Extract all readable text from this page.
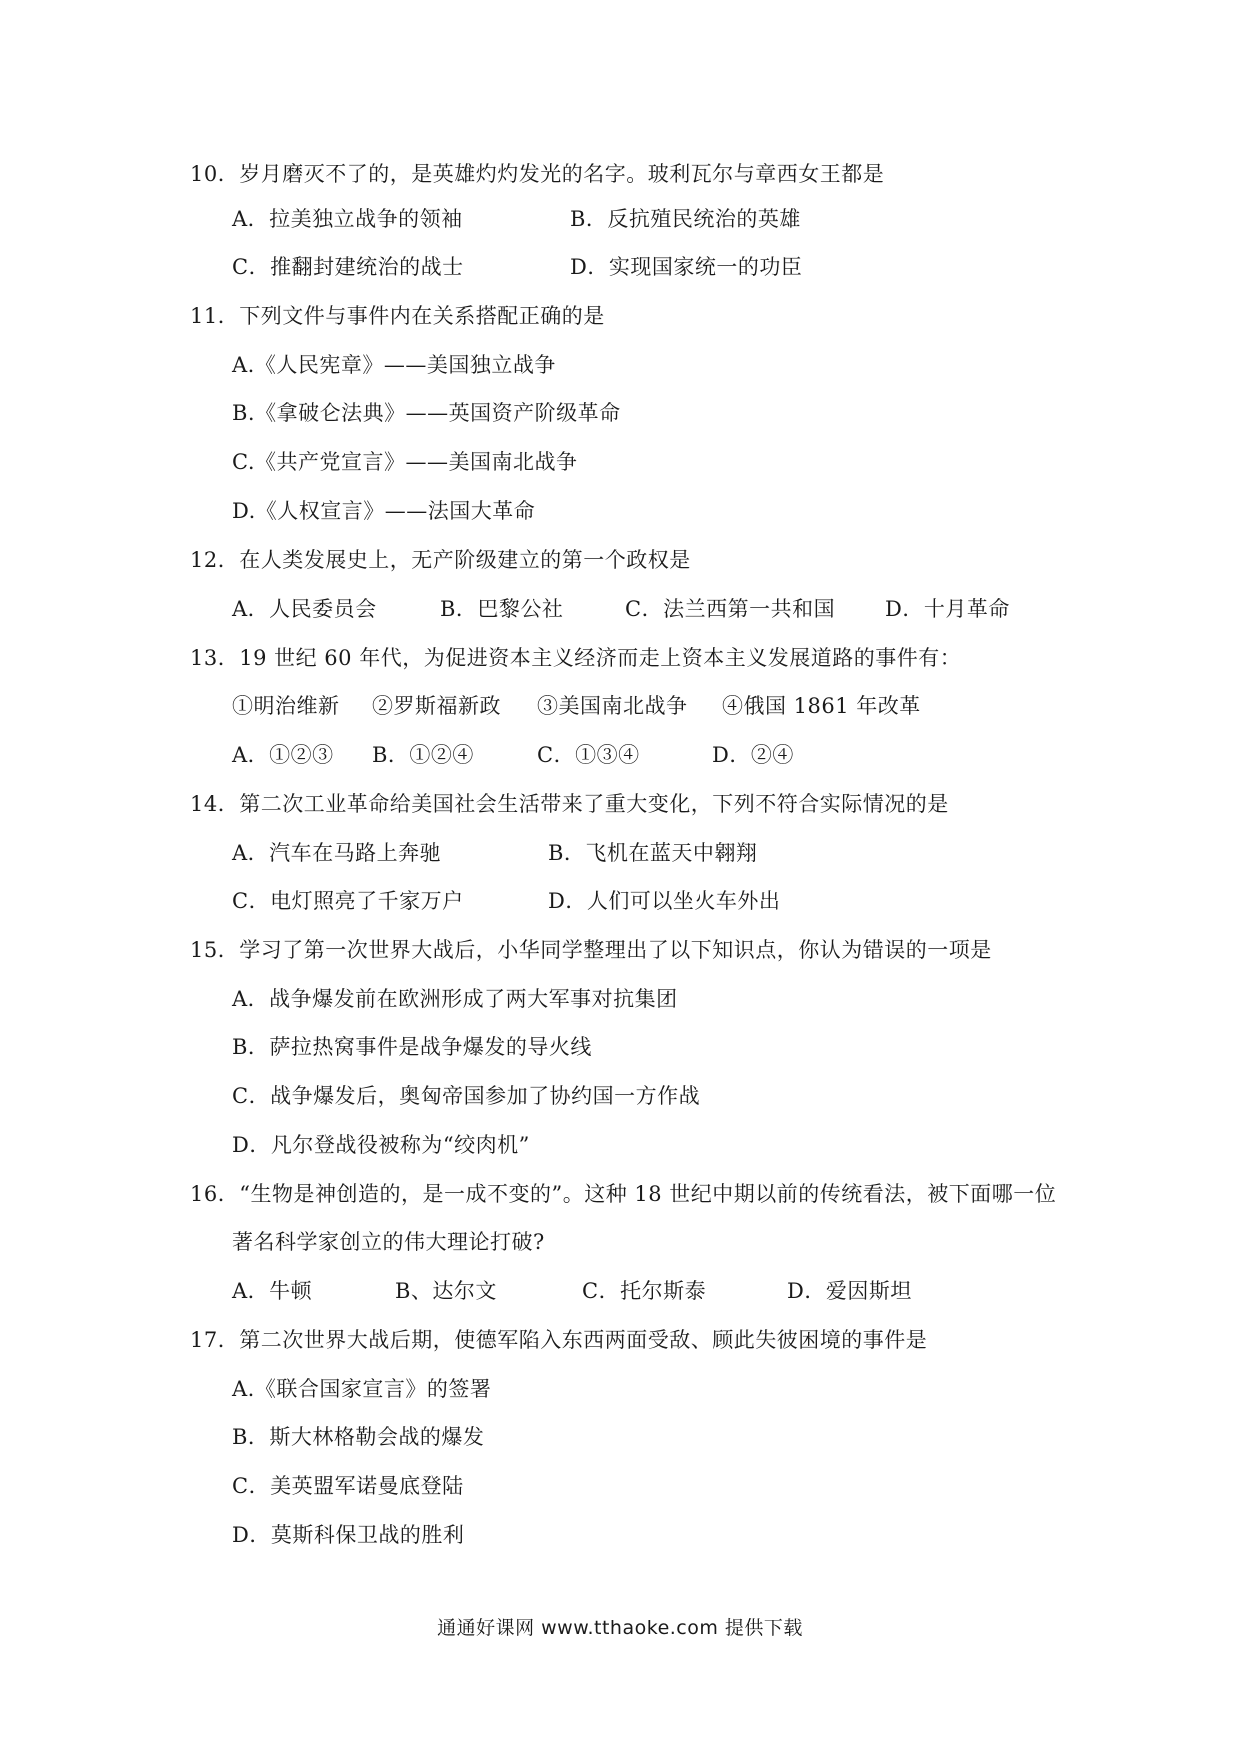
10．岁月磨灭不了的，是英雄灼灼发光的名字。玻利瓦尔与章西女王都是
A．拉美独立战争的领袖	B．反抗殖民统治的英雄
C．推翻封建统治的战士	D．实现国家统一的功臣
11．下列文件与事件内在关系搭配正确的是
A.《人民宪章》——美国独立战争
B.《拿破仑法典》——英国资产阶级革命
C.《共产党宣言》——美国南北战争
D.《人权宣言》——法国大革命
12．在人类发展史上，无产阶级建立的第一个政权是
A．人民委员会	B．巴黎公社	C．法兰西第一共和国 D．十月革命
13．19 世纪 60 年代，为促进资本主义经济而走上资本主义发展道路的事件有：
①明治维新 ②罗斯福新政 ③美国南北战争 ④俄国 1861 年改革
A．①②③ B．①②④	C．①③④	D．②④
14．第二次工业革命给美国社会生活带来了重大变化，下列不符合实际情况的是
A．汽车在马路上奔驰	B．飞机在蓝天中翱翔
C．电灯照亮了千家万户	D．人们可以坐火车外出
15．学习了第一次世界大战后，小华同学整理出了以下知识点，你认为错误的一项是
A．战争爆发前在欧洲形成了两大军事对抗集团
B．萨拉热窝事件是战争爆发的导火线
C．战争爆发后，奥匈帝国参加了协约国一方作战
D．凡尔登战役被称为“绞肉机”
16．“生物是神创造的，是一成不变的”。这种 18 世纪中期以前的传统看法，被下面哪一位
著名科学家创立的伟大理论打破?
A．牛顿	B、达尔文	C．托尔斯泰	D．爱因斯坦
17．第二次世界大战后期，使德军陷入东西两面受敌、顾此失彼困境的事件是
A.《联合国家宣言》的签署
B．斯大林格勒会战的爆发
C．美英盟军诺曼底登陆
D．莫斯科保卫战的胜利
通通好课网 www.tthaoke.com 提供下载
